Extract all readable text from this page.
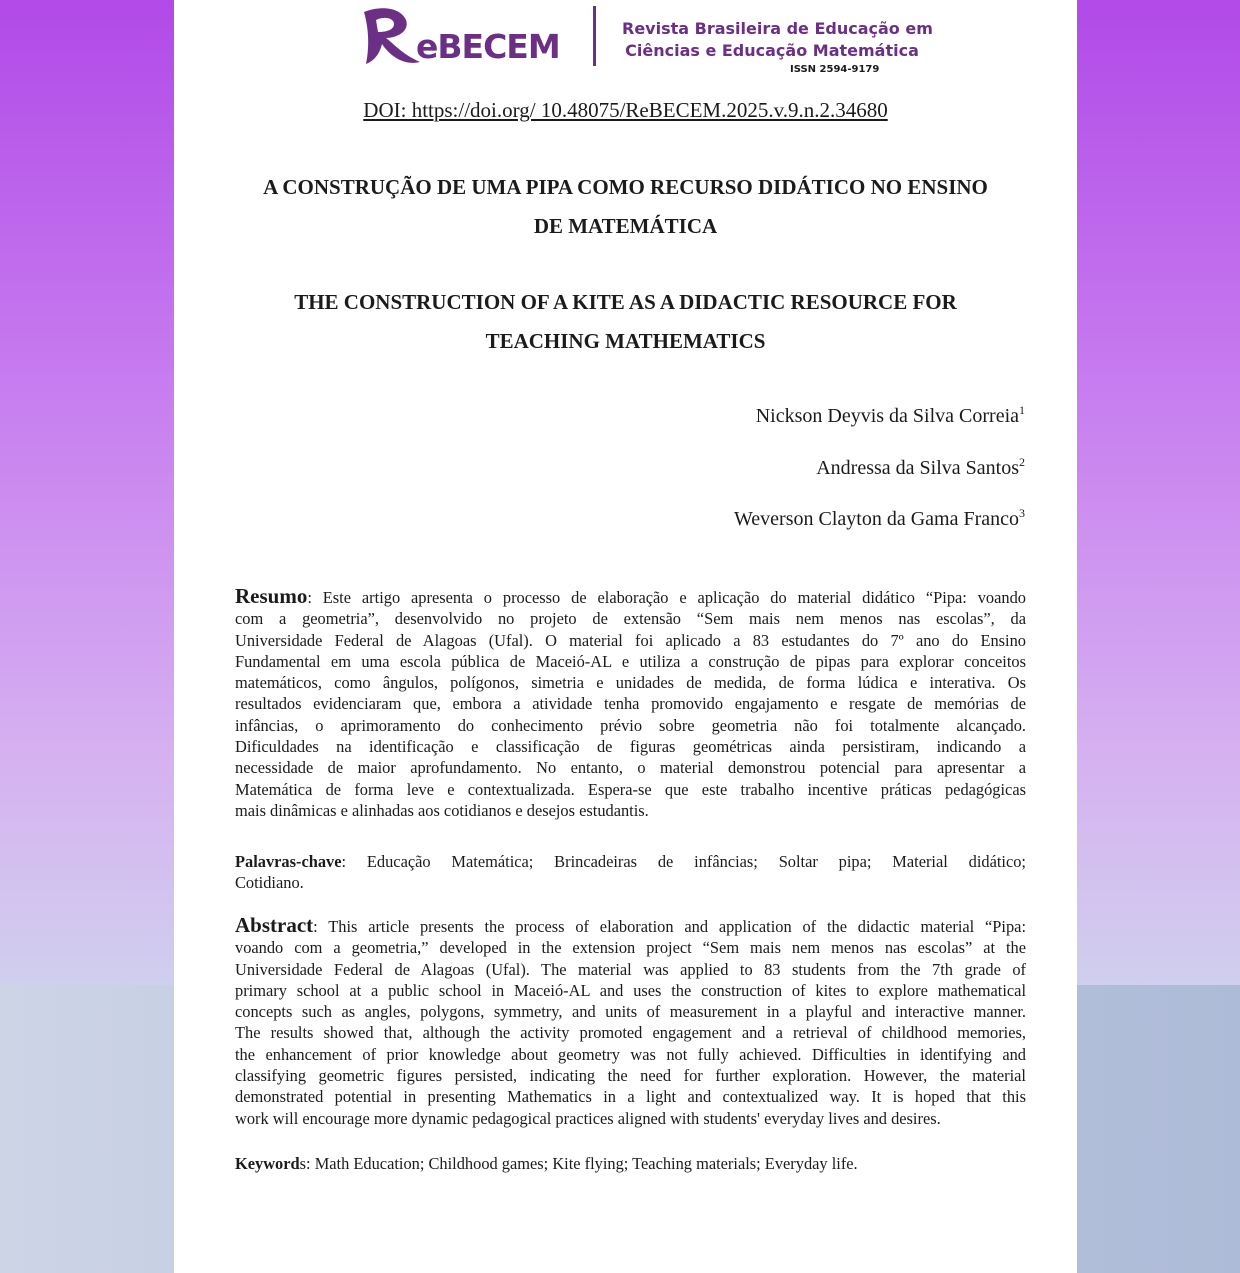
eBECEM	Revista Brasileira de Educação em
Ciências e Educação Matemática
ISSN 2594-9179
DOI: https://doi.org/ 10.48075/ReBECEM.2025.v.9.n.2.34680
A CONSTRUÇÃO DE UMA PIPA COMO RECURSO DIDÁTICO NO ENSINO
DE MATEMÁTICA
THE CONSTRUCTION OF A KITE AS A DIDACTIC RESOURCE FOR
TEACHING MATHEMATICS
Nickson Deyvis da Silva Correia$^1$
Andressa da Silva Santos$^2$
Weverson Clayton da Gama Franco$^3$
Resumo: Este artigo apresenta o processo de elaboração e aplicação do material didático “Pipa: voando
com a geometria”, desenvolvido no projeto de extensão “Sem mais nem menos nas escolas”, da
Universidade Federal de Alagoas (Ufal). O material foi aplicado a 83 estudantes do 7º ano do Ensino
Fundamental em uma escola pública de Maceió-AL e utiliza a construção de pipas para explorar conceitos
matemáticos, como ângulos, polígonos, simetria e unidades de medida, de forma lúdica e interativa. Os
resultados evidenciaram que, embora a atividade tenha promovido engajamento e resgate de memórias de
infâncias, o aprimoramento do conhecimento prévio sobre geometria não foi totalmente alcançado.
Dificuldades na identificação e classificação de figuras geométricas ainda persistiram, indicando a
necessidade de maior aprofundamento. No entanto, o material demonstrou potencial para apresentar a
Matemática de forma leve e contextualizada. Espera-se que este trabalho incentive práticas pedagógicas
mais dinâmicas e alinhadas aos cotidianos e desejos estudantis.
Palavras-chave: Educação Matemática; Brincadeiras de infâncias; Soltar pipa; Material didático;
Cotidiano.
Abstract: This article presents the process of elaboration and application of the didactic material “Pipa:
voando com a geometria,” developed in the extension project “Sem mais nem menos nas escolas” at the
Universidade Federal de Alagoas (Ufal). The material was applied to 83 students from the 7th grade of
primary school at a public school in Maceió-AL and uses the construction of kites to explore mathematical
concepts such as angles, polygons, symmetry, and units of measurement in a playful and interactive manner.
The results showed that, although the activity promoted engagement and a retrieval of childhood memories,
the enhancement of prior knowledge about geometry was not fully achieved. Difficulties in identifying and
classifying geometric figures persisted, indicating the need for further exploration. However, the material
demonstrated potential in presenting Mathematics in a light and contextualized way. It is hoped that this
work will encourage more dynamic pedagogical practices aligned with students' everyday lives and desires.
Keywords: Math Education; Childhood games; Kite flying; Teaching materials; Everyday life.
